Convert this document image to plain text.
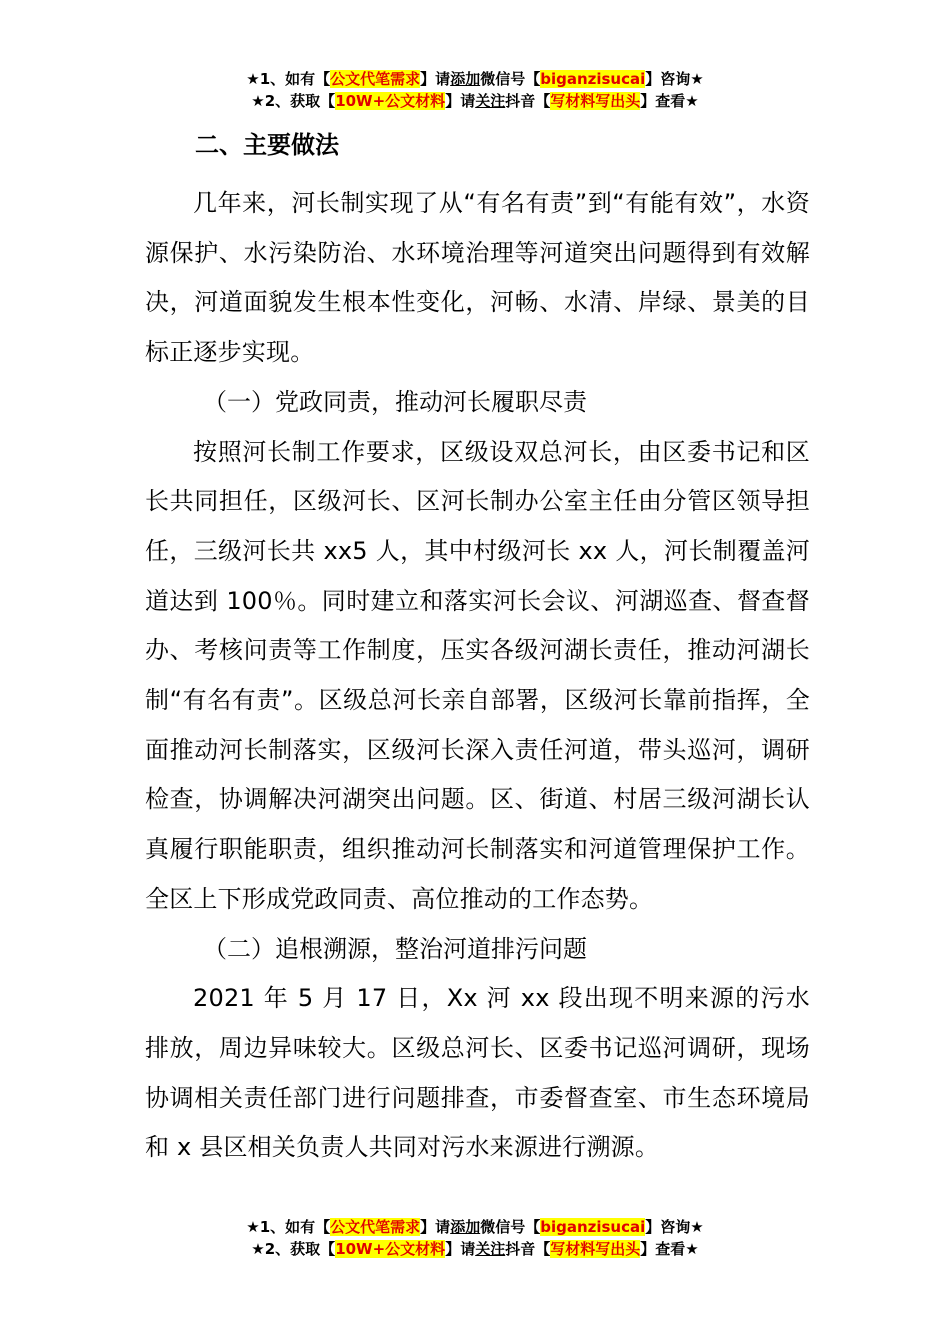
★1、如有【公文代笔需求】请添加微信号【biganzisucai】咨询★
★2、获取【10W+公文材料】请关注抖音【写材料写出头】查看★

二、主要做法

几年来，河长制实现了从“有名有责”到“有能有效”，水资源保护、水污染防治、水环境治理等河道突出问题得到有效解决，河道面貌发生根本性变化，河畅、水清、岸绿、景美的目标正逐步实现。

（一）党政同责，推动河长履职尽责

按照河长制工作要求，区级设双总河长，由区委书记和区长共同担任，区级河长、区河长制办公室主任由分管区领导担任，三级河长共 xx5 人，其中村级河长 xx 人，河长制覆盖河道达到 100％。同时建立和落实河长会议、河湖巡查、督查督办、考核问责等工作制度，压实各级河湖长责任，推动河湖长制“有名有责”。区级总河长亲自部署，区级河长靠前指挥，全面推动河长制落实，区级河长深入责任河道，带头巡河，调研检查，协调解决河湖突出问题。区、街道、村居三级河湖长认真履行职能职责，组织推动河长制落实和河道管理保护工作。全区上下形成党政同责、高位推动的工作态势。

（二）追根溯源，整治河道排污问题

2021 年 5 月 17 日，Xx 河 xx 段出现不明来源的污水排放，周边异味较大。区级总河长、区委书记巡河调研，现场协调相关责任部门进行问题排查，市委督查室、市生态环境局和 x 县区相关负责人共同对污水来源进行溯源。

★1、如有【公文代笔需求】请添加微信号【biganzisucai】咨询★
★2、获取【10W+公文材料】请关注抖音【写材料写出头】查看★
